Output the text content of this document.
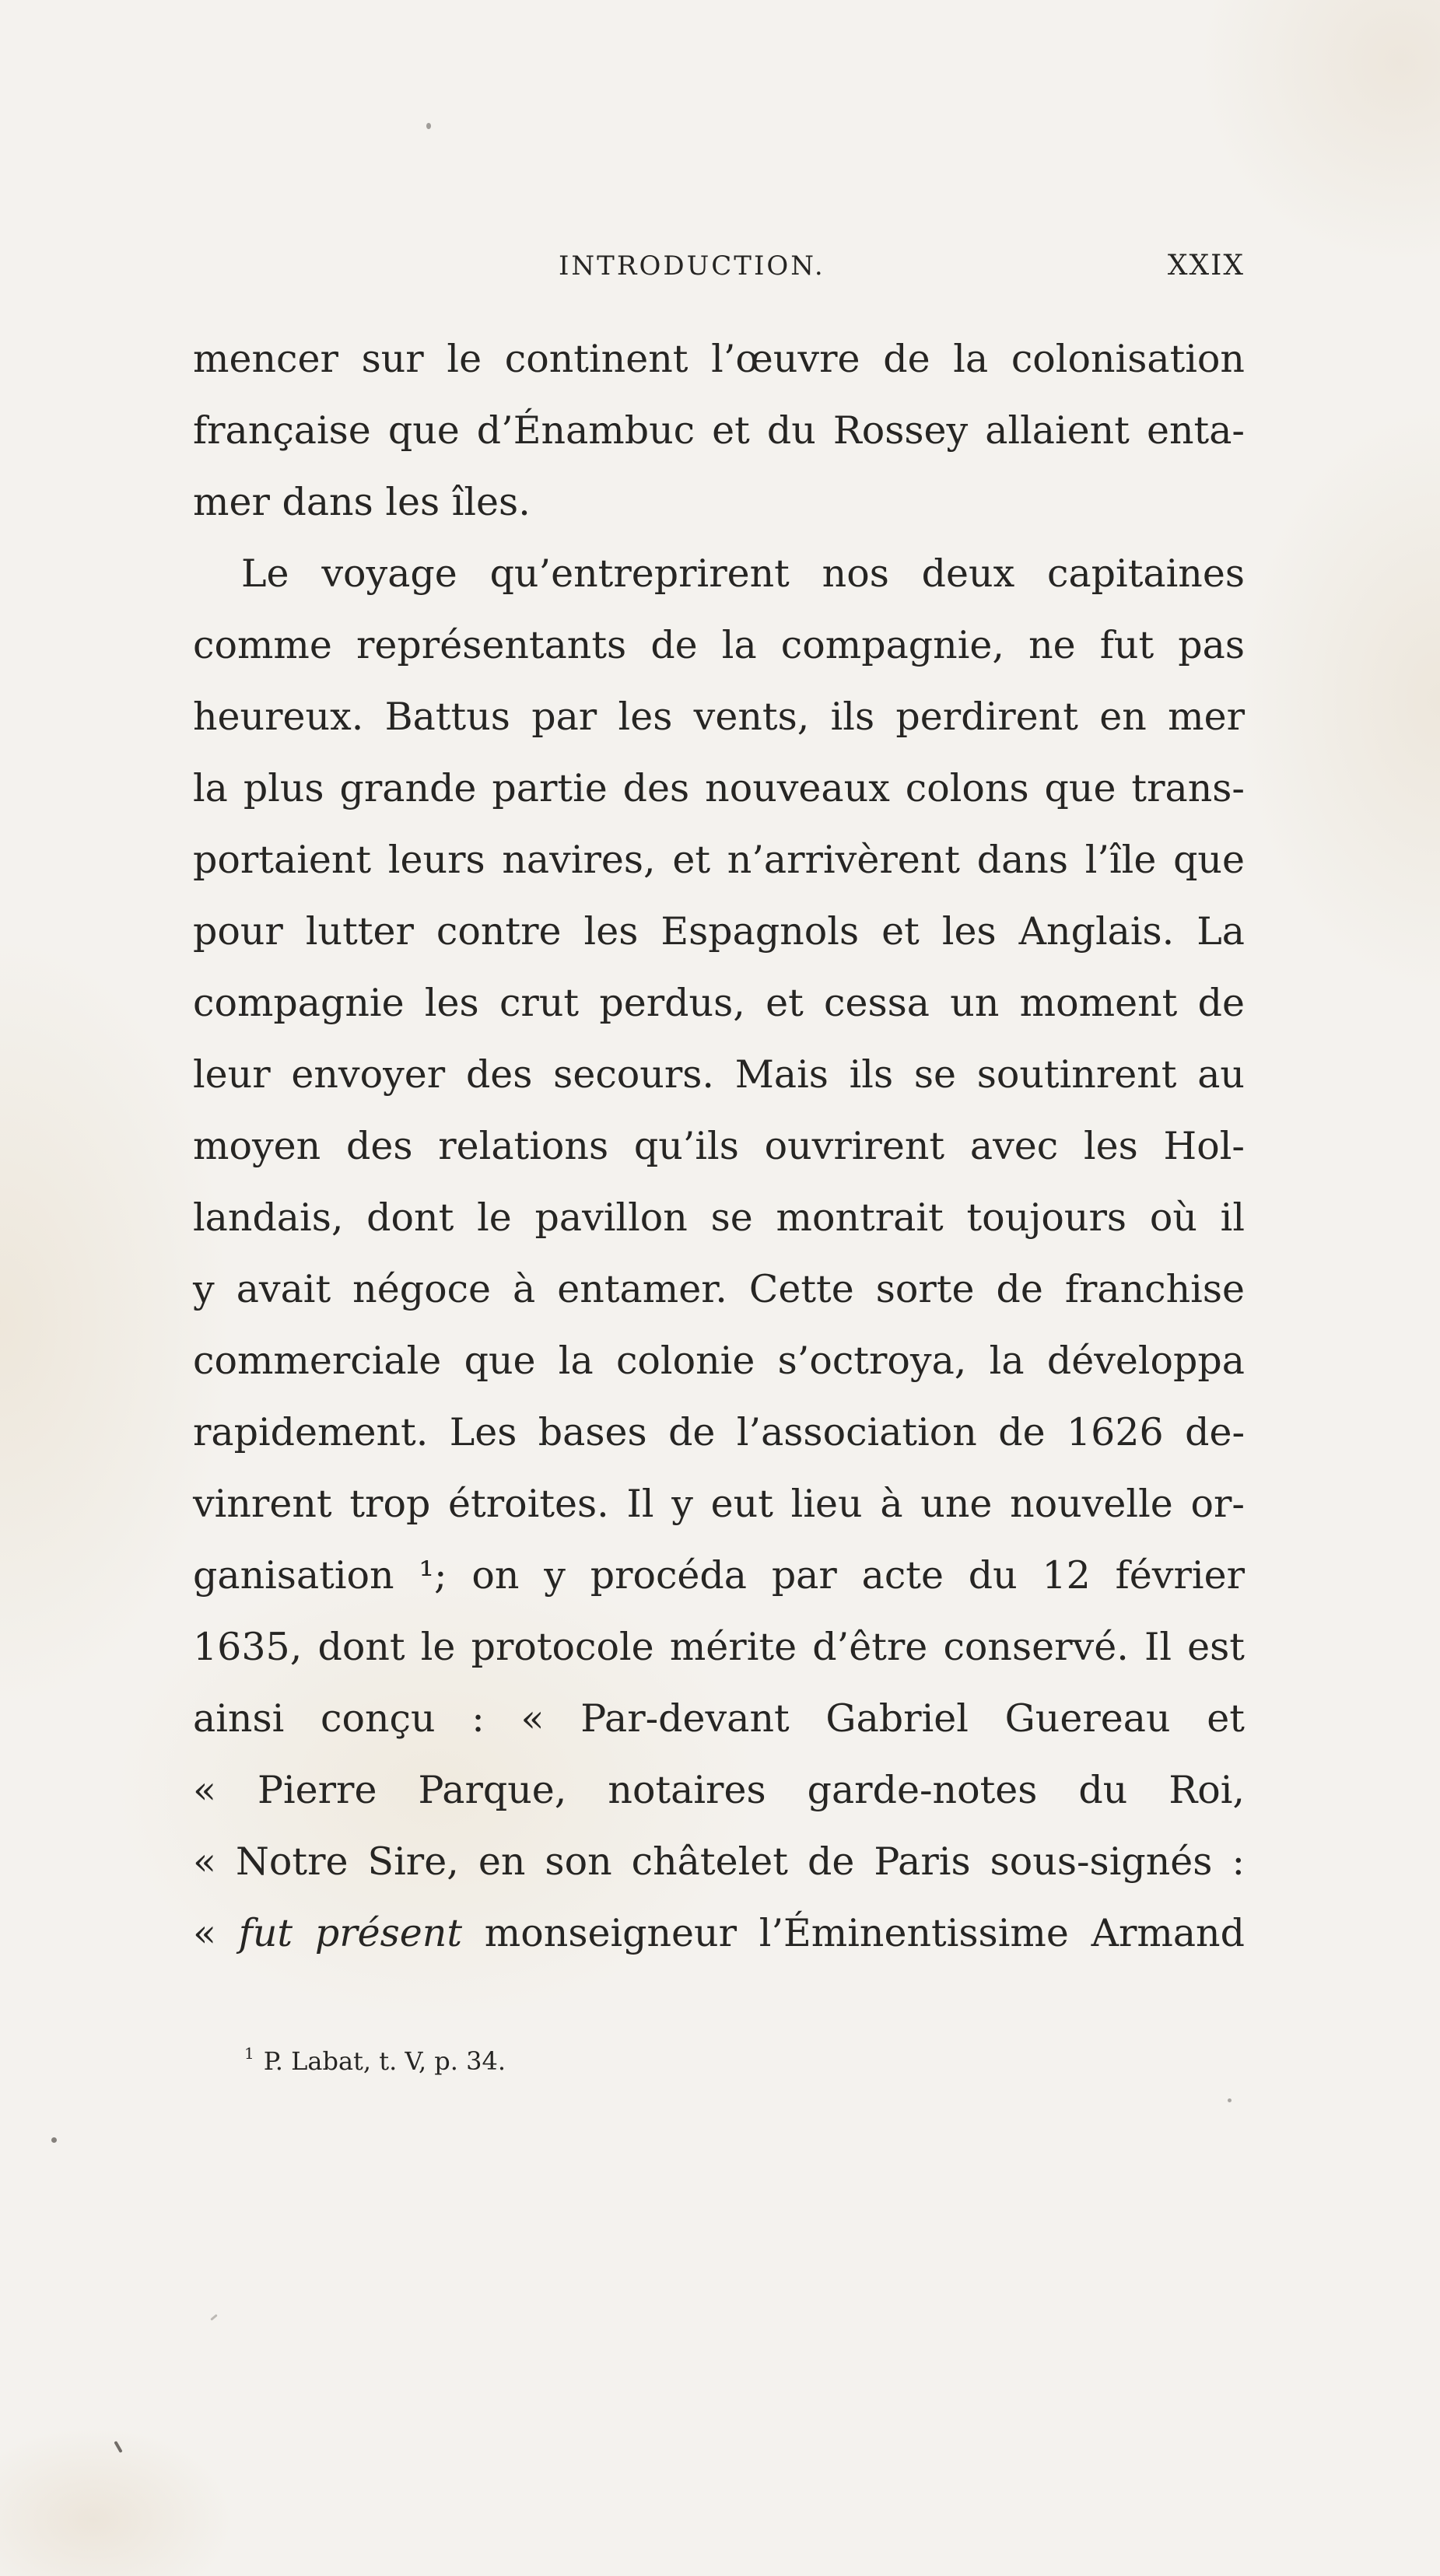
INTRODUCTION.	XXIX
mencer sur le continent l’œuvre de la colonisation
française que d’Énambuc et du Rossey allaient enta-
mer dans les îles.
Le voyage qu’entreprirent nos deux capitaines
comme représentants de la compagnie, ne fut pas
heureux. Battus par les vents, ils perdirent en mer
la plus grande partie des nouveaux colons que trans-
portaient leurs navires, et n’arrivèrent dans l’île que
pour lutter contre les Espagnols et les Anglais. La
compagnie les crut perdus, et cessa un moment de
leur envoyer des secours. Mais ils se soutinrent au
moyen des relations qu’ils ouvrirent avec les Hol-
landais, dont le pavillon se montrait toujours où il
y avait négoce à entamer. Cette sorte de franchise
commerciale que la colonie s’octroya, la développa
rapidement. Les bases de l’association de 1626 de-
vinrent trop étroites. Il y eut lieu à une nouvelle or-
ganisation ¹; on y procéda par acte du 12 février
1635, dont le protocole mérite d’être conservé. Il est
ainsi conçu : « Par-devant Gabriel Guereau et
« Pierre Parque, notaires garde-notes du Roi,
« Notre Sire, en son châtelet de Paris sous-signés :
« fut présent monseigneur l’Éminentissime Armand
$^1$ P. Labat, t. V, p. 34.
